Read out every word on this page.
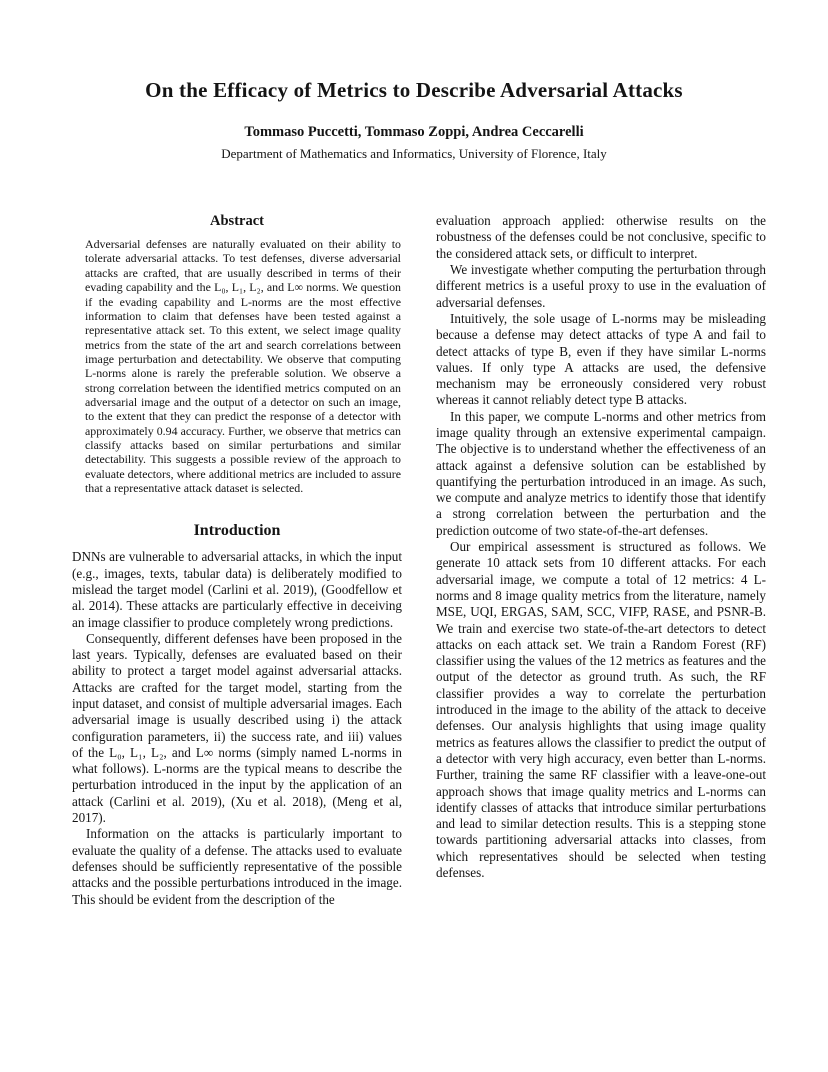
On the Efficacy of Metrics to Describe Adversarial Attacks

Tommaso Puccetti, Tommaso Zoppi, Andrea Ceccarelli

Department of Mathematics and Informatics, University of Florence, Italy

Abstract

Adversarial defenses are naturally evaluated on their ability to tolerate adversarial attacks. To test defenses, diverse adversarial attacks are crafted, that are usually described in terms of their evading capability and the L₀, L₁, L₂, and L∞ norms. We question if the evading capability and L-norms are the most effective information to claim that defenses have been tested against a representative attack set. To this extent, we select image quality metrics from the state of the art and search correlations between image perturbation and detectability. We observe that computing L-norms alone is rarely the preferable solution. We observe a strong correlation between the identified metrics computed on an adversarial image and the output of a detector on such an image, to the extent that they can predict the response of a detector with approximately 0.94 accuracy. Further, we observe that metrics can classify attacks based on similar perturbations and similar detectability. This suggests a possible review of the approach to evaluate detectors, where additional metrics are included to assure that a representative attack dataset is selected.

Introduction

DNNs are vulnerable to adversarial attacks, in which the input (e.g., images, texts, tabular data) is deliberately modified to mislead the target model (Carlini et al. 2019), (Goodfellow et al. 2014). These attacks are particularly effective in deceiving an image classifier to produce completely wrong predictions.

Consequently, different defenses have been proposed in the last years. Typically, defenses are evaluated based on their ability to protect a target model against adversarial attacks. Attacks are crafted for the target model, starting from the input dataset, and consist of multiple adversarial images. Each adversarial image is usually described using i) the attack configuration parameters, ii) the success rate, and iii) values of the L₀, L₁, L₂, and L∞ norms (simply named L-norms in what follows). L-norms are the typical means to describe the perturbation introduced in the input by the application of an attack (Carlini et al. 2019), (Xu et al. 2018), (Meng et al, 2017).

Information on the attacks is particularly important to evaluate the quality of a defense. The attacks used to evaluate defenses should be sufficiently representative of the possible attacks and the possible perturbations introduced in the image. This should be evident from the description of the

evaluation approach applied: otherwise results on the robustness of the defenses could be not conclusive, specific to the considered attack sets, or difficult to interpret.

We investigate whether computing the perturbation through different metrics is a useful proxy to use in the evaluation of adversarial defenses.

Intuitively, the sole usage of L-norms may be misleading because a defense may detect attacks of type A and fail to detect attacks of type B, even if they have similar L-norms values. If only type A attacks are used, the defensive mechanism may be erroneously considered very robust whereas it cannot reliably detect type B attacks.

In this paper, we compute L-norms and other metrics from image quality through an extensive experimental campaign. The objective is to understand whether the effectiveness of an attack against a defensive solution can be established by quantifying the perturbation introduced in an image. As such, we compute and analyze metrics to identify those that identify a strong correlation between the perturbation and the prediction outcome of two state-of-the-art defenses.

Our empirical assessment is structured as follows. We generate 10 attack sets from 10 different attacks. For each adversarial image, we compute a total of 12 metrics: 4 L-norms and 8 image quality metrics from the literature, namely MSE, UQI, ERGAS, SAM, SCC, VIFP, RASE, and PSNR-B. We train and exercise two state-of-the-art detectors to detect attacks on each attack set. We train a Random Forest (RF) classifier using the values of the 12 metrics as features and the output of the detector as ground truth. As such, the RF classifier provides a way to correlate the perturbation introduced in the image to the ability of the attack to deceive defenses. Our analysis highlights that using image quality metrics as features allows the classifier to predict the output of a detector with very high accuracy, even better than L-norms. Further, training the same RF classifier with a leave-one-out approach shows that image quality metrics and L-norms can identify classes of attacks that introduce similar perturbations and lead to similar detection results. This is a stepping stone towards partitioning adversarial attacks into classes, from which representatives should be selected when testing defenses.
